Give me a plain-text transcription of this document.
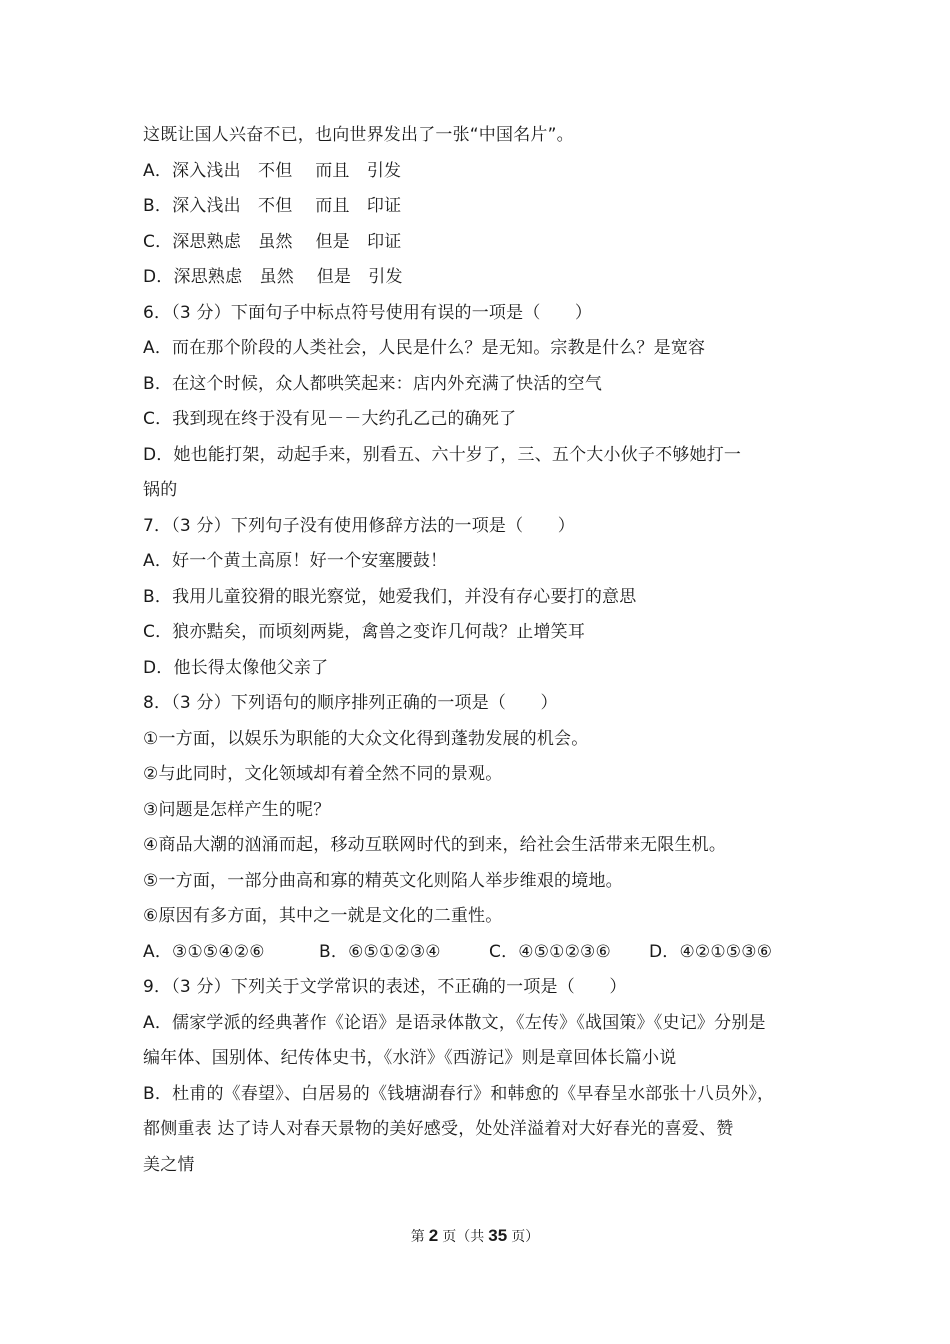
这既让国人兴奋不已，也向世界发出了一张“中国名片”。
A．深入浅出　不但　 而且　引发
B．深入浅出　不但　 而且　印证
C．深思熟虑　虽然　 但是　印证
D．深思熟虑　虽然　 但是　引发
6．（3 分）下面句子中标点符号使用有误的一项是（　　）
A．而在那个阶段的人类社会，人民是什么？是无知。宗教是什么？是宽容
B．在这个时候，众人都哄笑起来：店内外充满了快活的空气
C．我到现在终于没有见－－大约孔乙己的确死了
D．她也能打架，动起手来，别看五、六十岁了，三、五个大小伙子不够她打一
锅的
7．（3 分）下列句子没有使用修辞方法的一项是（　　）
A．好一个黄土高原！好一个安塞腰鼓！
B．我用儿童狡猾的眼光察觉，她爱我们，并没有存心要打的意思
C．狼亦黠矣，而顷刻两毙，禽兽之变诈几何哉？止增笑耳
D．他长得太像他父亲了
8．（3 分）下列语句的顺序排列正确的一项是（　　）
①一方面，以娱乐为职能的大众文化得到蓬勃发展的机会。
②与此同时，文化领域却有着全然不同的景观。
③问题是怎样产生的呢？
④商品大潮的汹涌而起，移动互联网时代的到来，给社会生活带来无限生机。
⑤一方面，一部分曲高和寡的精英文化则陷人举步维艰的境地。
⑥原因有多方面，其中之一就是文化的二重性。
A．③①⑤④②⑥	B．⑥⑤①②③④	C．④⑤①②③⑥ D．④②①⑤③⑥
9．（3 分）下列关于文学常识的表述，不正确的一项是（　　）
A．儒家学派的经典著作《论语》是语录体散文，《左传》《战国策》《史记》分别是
编年体、国别体、纪传体史书，《水浒》《西游记》则是章回体长篇小说
B．杜甫的《春望》、白居易的《钱塘湖春行》和韩愈的《早春呈水部张十八员外》，
都侧重表 达了诗人对春天景物的美好感受，处处洋溢着对大好春光的喜爱、赞
美之情
第 2 页（共 35 页）
